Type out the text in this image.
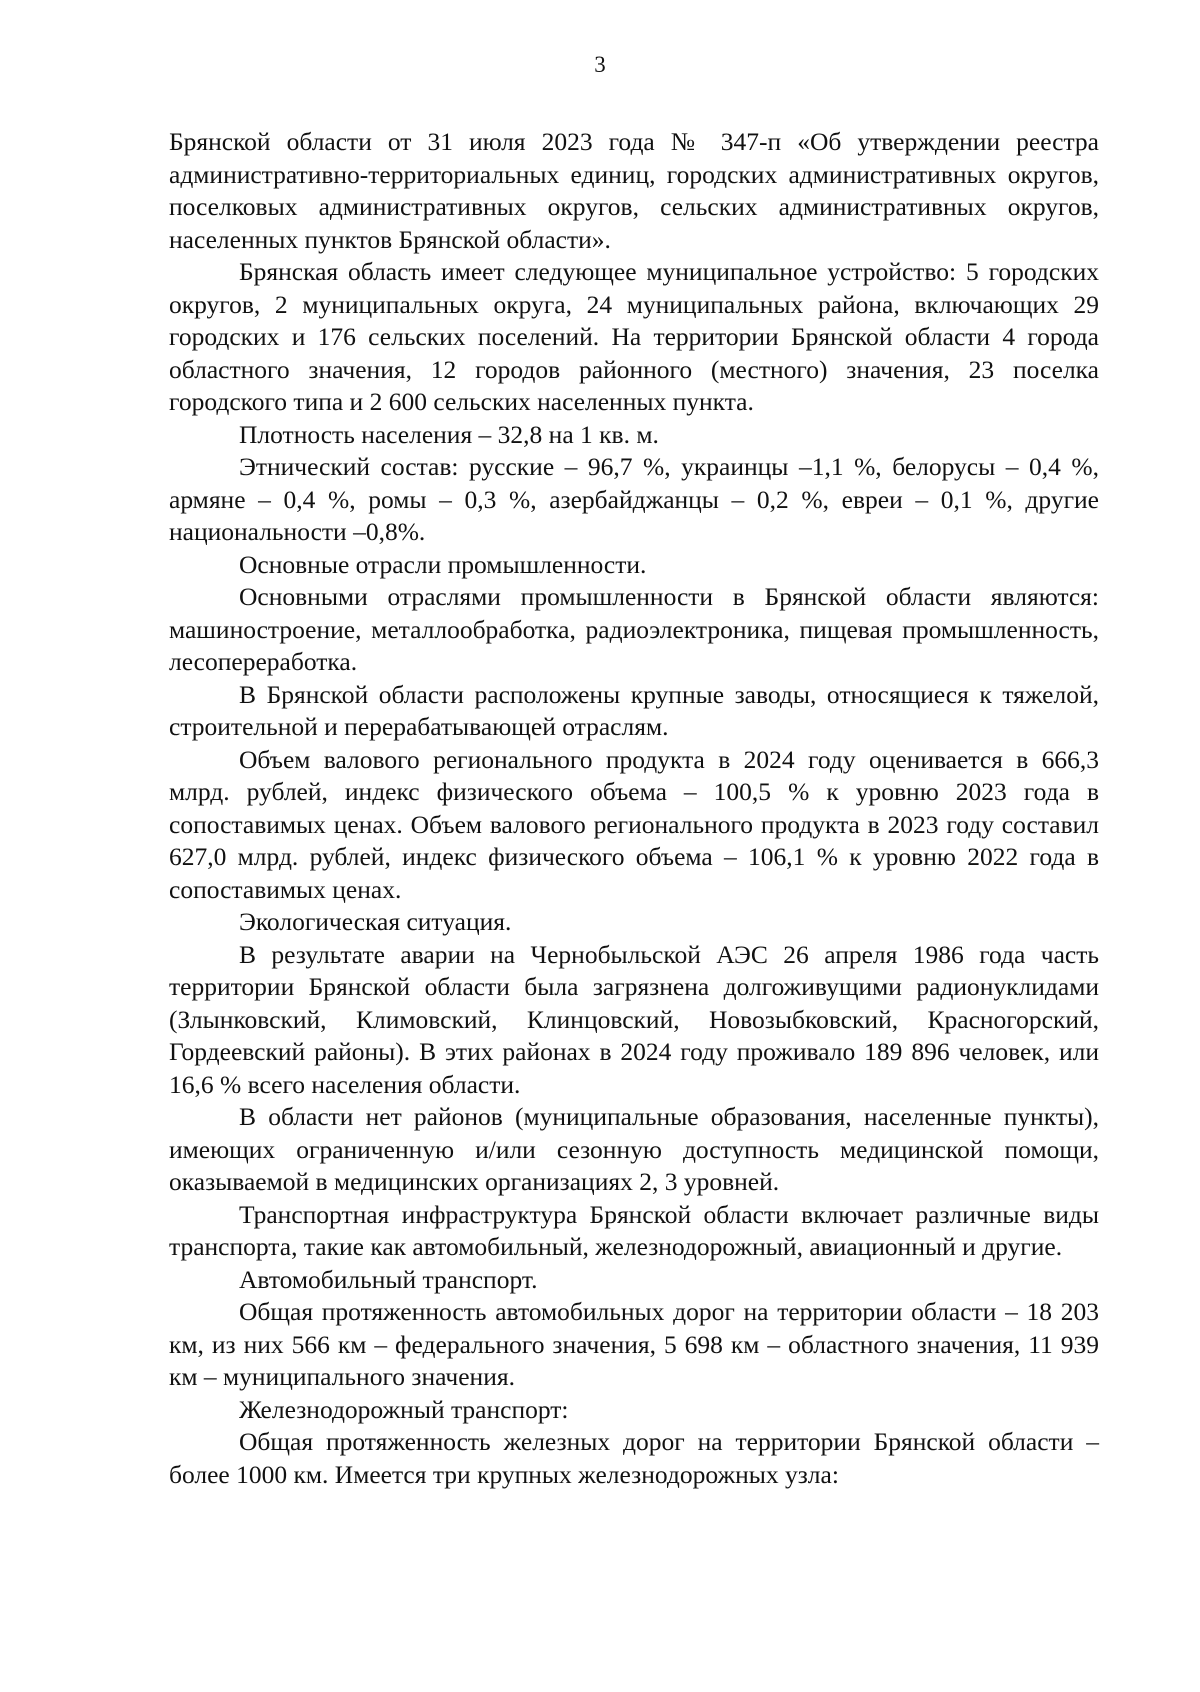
3

Брянской области от 31 июля 2023 года № 347-п «Об утверждении реестра административно-территориальных единиц, городских административных округов, поселковых административных округов, сельских административных округов, населенных пунктов Брянской области».

Брянская область имеет следующее муниципальное устройство: 5 городских округов, 2 муниципальных округа, 24 муниципальных района, включающих 29 городских и 176 сельских поселений. На территории Брянской области 4 города областного значения, 12 городов районного (местного) значения, 23 поселка городского типа и 2 600 сельских населенных пункта.

Плотность населения – 32,8 на 1 кв. м.

Этнический состав: русские – 96,7 %, украинцы –1,1 %, белорусы – 0,4 %, армяне – 0,4 %, ромы – 0,3 %, азербайджанцы – 0,2 %, евреи – 0,1 %, другие национальности –0,8%.

Основные отрасли промышленности.

Основными отраслями промышленности в Брянской области являются: машиностроение, металлообработка, радиоэлектроника, пищевая промышленность, лесопереработка.

В Брянской области расположены крупные заводы, относящиеся к тяжелой, строительной и перерабатывающей отраслям.

Объем валового регионального продукта в 2024 году оценивается в 666,3 млрд. рублей, индекс физического объема – 100,5 % к уровню 2023 года в сопоставимых ценах. Объем валового регионального продукта в 2023 году составил 627,0 млрд. рублей, индекс физического объема – 106,1 % к уровню 2022 года в сопоставимых ценах.

Экологическая ситуация.

В результате аварии на Чернобыльской АЭС 26 апреля 1986 года часть территории Брянской области была загрязнена долгоживущими радионуклидами (Злынковский, Климовский, Клинцовский, Новозыбковский, Красногорский, Гордеевский районы). В этих районах в 2024 году проживало 189 896 человек, или 16,6 % всего населения области.

В области нет районов (муниципальные образования, населенные пункты), имеющих ограниченную и/или сезонную доступность медицинской помощи, оказываемой в медицинских организациях 2, 3 уровней.

Транспортная инфраструктура Брянской области включает различные виды транспорта, такие как автомобильный, железнодорожный, авиационный и другие.

Автомобильный транспорт.

Общая протяженность автомобильных дорог на территории области – 18 203 км, из них 566 км – федерального значения, 5 698 км – областного значения, 11 939 км – муниципального значения.

Железнодорожный транспорт:

Общая протяженность железных дорог на территории Брянской области – более 1000 км. Имеется три крупных железнодорожных узла:
